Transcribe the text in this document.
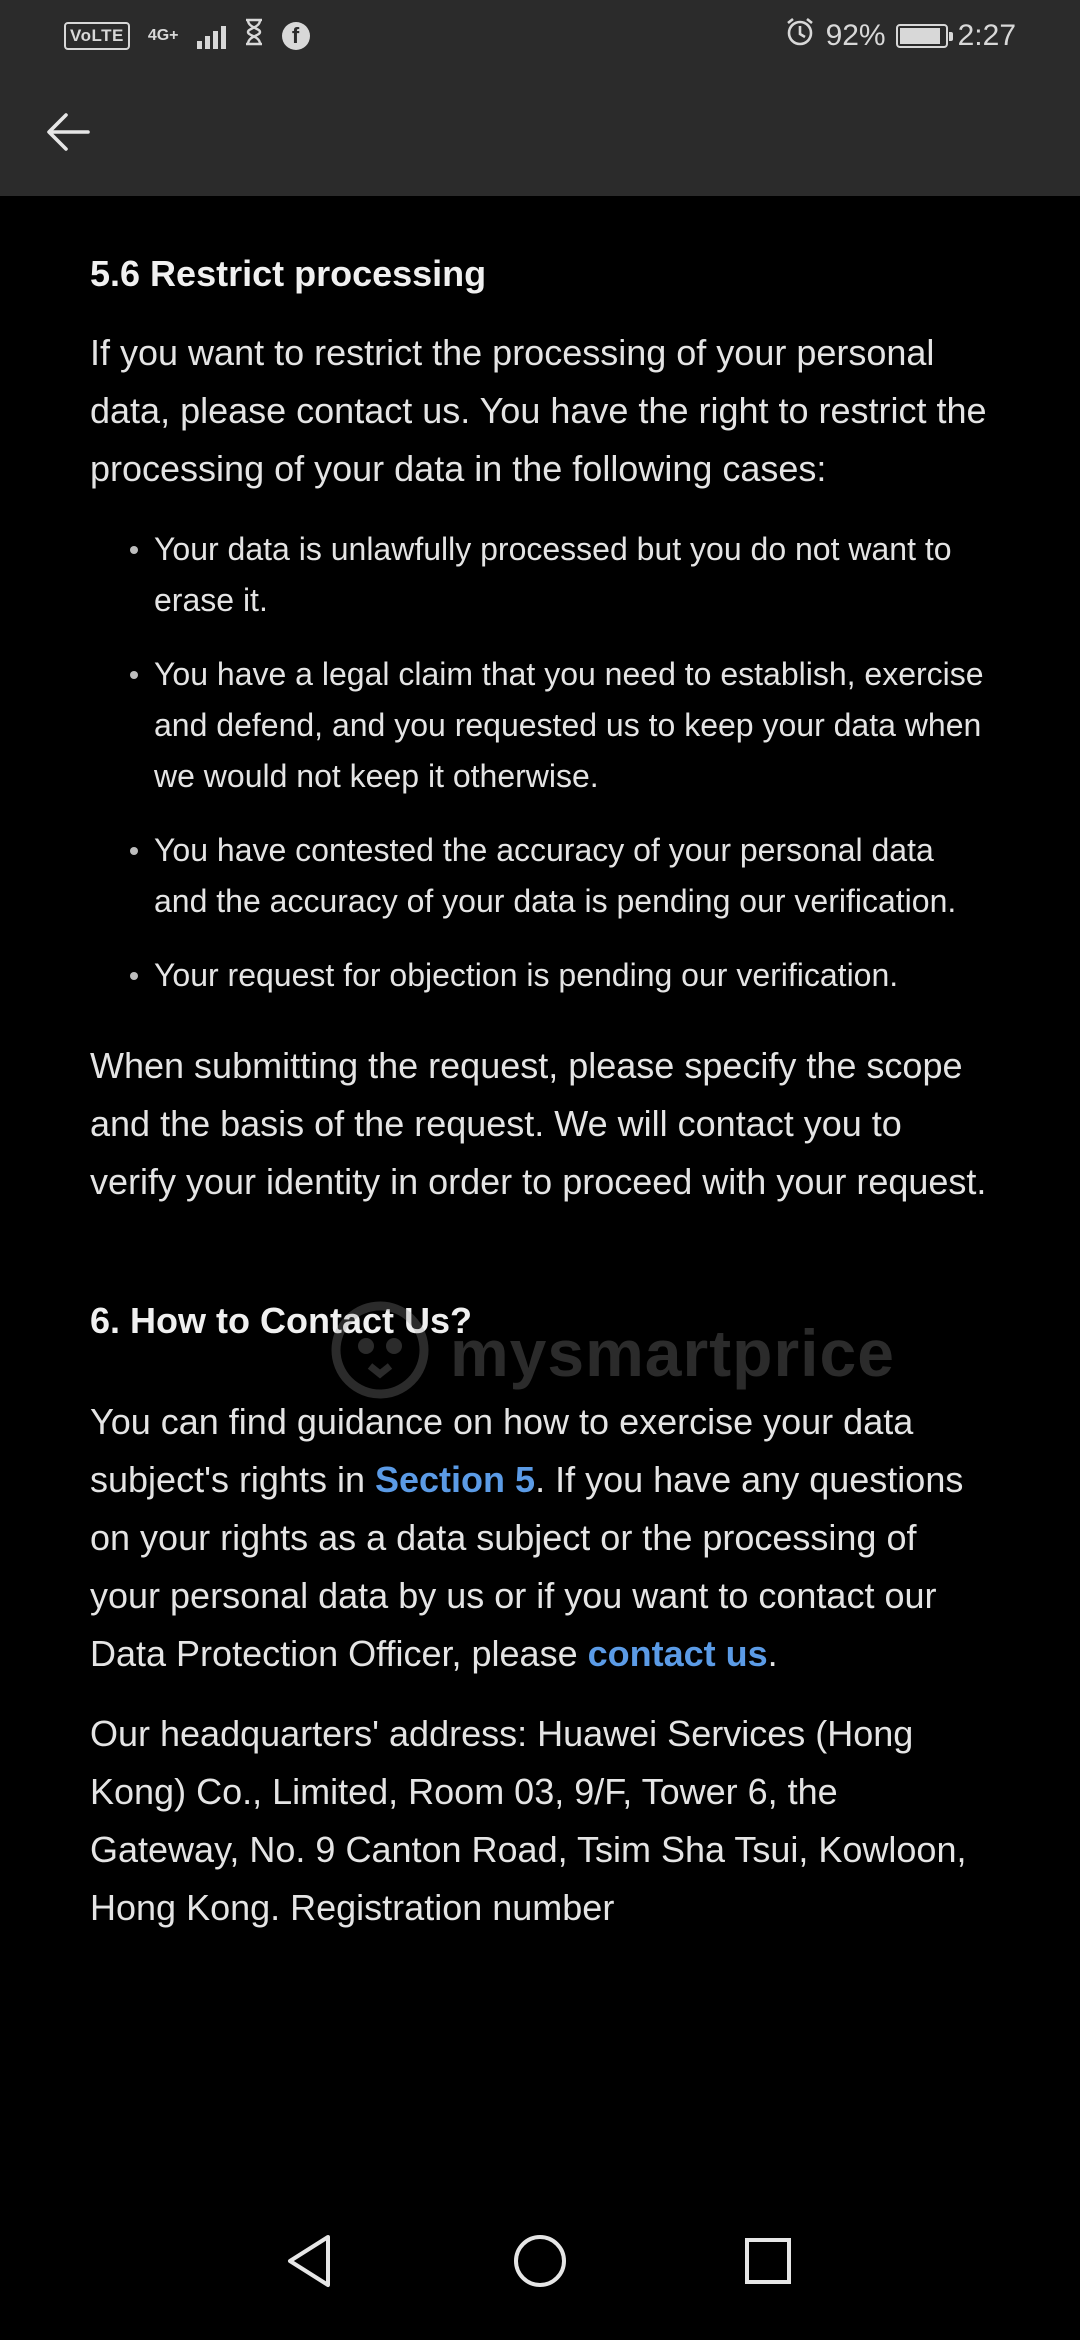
VoLTE	4G+	f	92% 2:27
5.6 Restrict processing

If you want to restrict the processing of your personal data, please contact us. You have the right to restrict the processing of your data in the following cases:

Your data is unlawfully processed but you do not want to erase it.
You have a legal claim that you need to establish, exercise and defend, and you requested us to keep your data when we would not keep it otherwise.
You have contested the accuracy of your personal data and the accuracy of your data is pending our verification.
Your request for objection is pending our verification.

When submitting the request, please specify the scope and the basis of the request. We will contact you to verify your identity in order to proceed with your request.

6. How to Contact Us?

You can find guidance on how to exercise your data subject's rights in Section 5. If you have any questions on your rights as a data subject or the processing of your personal data by us or if you want to contact our Data Protection Officer, please contact us.

Our headquarters' address: Huawei Services (Hong Kong) Co., Limited, Room 03, 9/F, Tower 6, the Gateway, No. 9 Canton Road, Tsim Sha Tsui, Kowloon, Hong Kong. Registration number

mysmartprice
